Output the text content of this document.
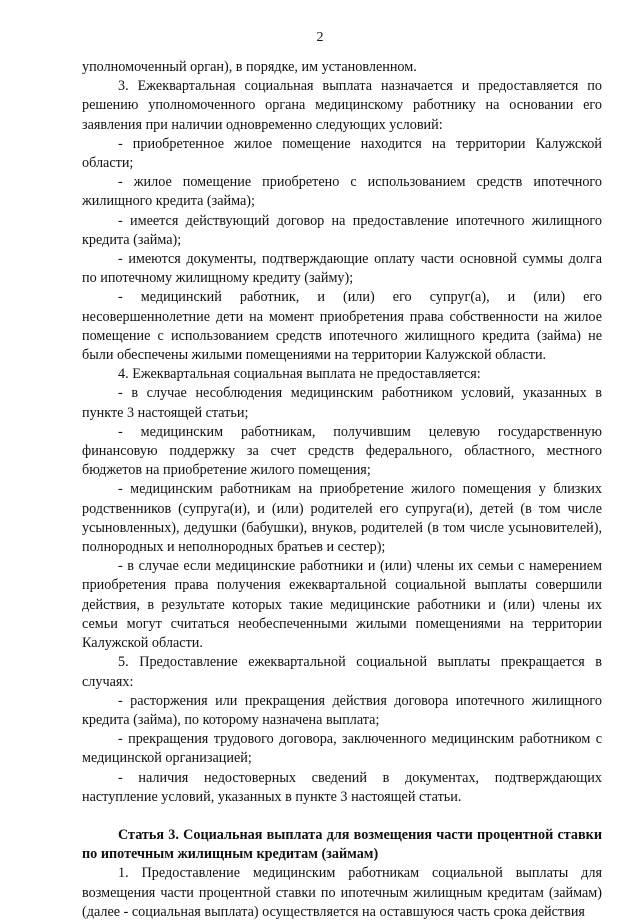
2

уполномоченный орган), в порядке, им установленном.

3. Ежеквартальная социальная выплата назначается и предоставляется по решению уполномоченного органа медицинскому работнику на основании его заявления при наличии одновременно следующих условий:

- приобретенное жилое помещение находится на территории Калужской области;

- жилое помещение приобретено с использованием средств ипотечного жилищного кредита (займа);

- имеется действующий договор на предоставление ипотечного жилищного кредита (займа);

- имеются документы, подтверждающие оплату части основной суммы долга по ипотечному жилищному кредиту (займу);

- медицинский работник, и (или) его супруг(а), и (или) его несовершеннолетние дети на момент приобретения права собственности на жилое помещение с использованием средств ипотечного жилищного кредита (займа) не были обеспечены жилыми помещениями на территории Калужской области.

4. Ежеквартальная социальная выплата не предоставляется:

- в случае несоблюдения медицинским работником условий, указанных в пункте 3 настоящей статьи;

- медицинским работникам, получившим целевую государственную финансовую поддержку за счет средств федерального, областного, местного бюджетов на приобретение жилого помещения;

- медицинским работникам на приобретение жилого помещения у близких родственников (супруга(и), и (или) родителей его супруга(и), детей (в том числе усыновленных), дедушки (бабушки), внуков, родителей (в том числе усыновителей), полнородных и неполнородных братьев и сестер);

- в случае если медицинские работники и (или) члены их семьи с намерением приобретения права получения ежеквартальной социальной выплаты совершили действия, в результате которых такие медицинские работники и (или) члены их семьи могут считаться необеспеченными жилыми помещениями на территории Калужской области.

5. Предоставление ежеквартальной социальной выплаты прекращается в случаях:

- расторжения или прекращения действия договора ипотечного жилищного кредита (займа), по которому назначена выплата;

- прекращения трудового договора, заключенного медицинским работником с медицинской организацией;

- наличия недостоверных сведений в документах, подтверждающих наступление условий, указанных в пункте 3 настоящей статьи.

Статья 3. Социальная выплата для возмещения части процентной ставки по ипотечным жилищным кредитам (займам)

1. Предоставление медицинским работникам социальной выплаты для возмещения части процентной ставки по ипотечным жилищным кредитам (займам) (далее - социальная выплата) осуществляется на оставшуюся часть срока действия
